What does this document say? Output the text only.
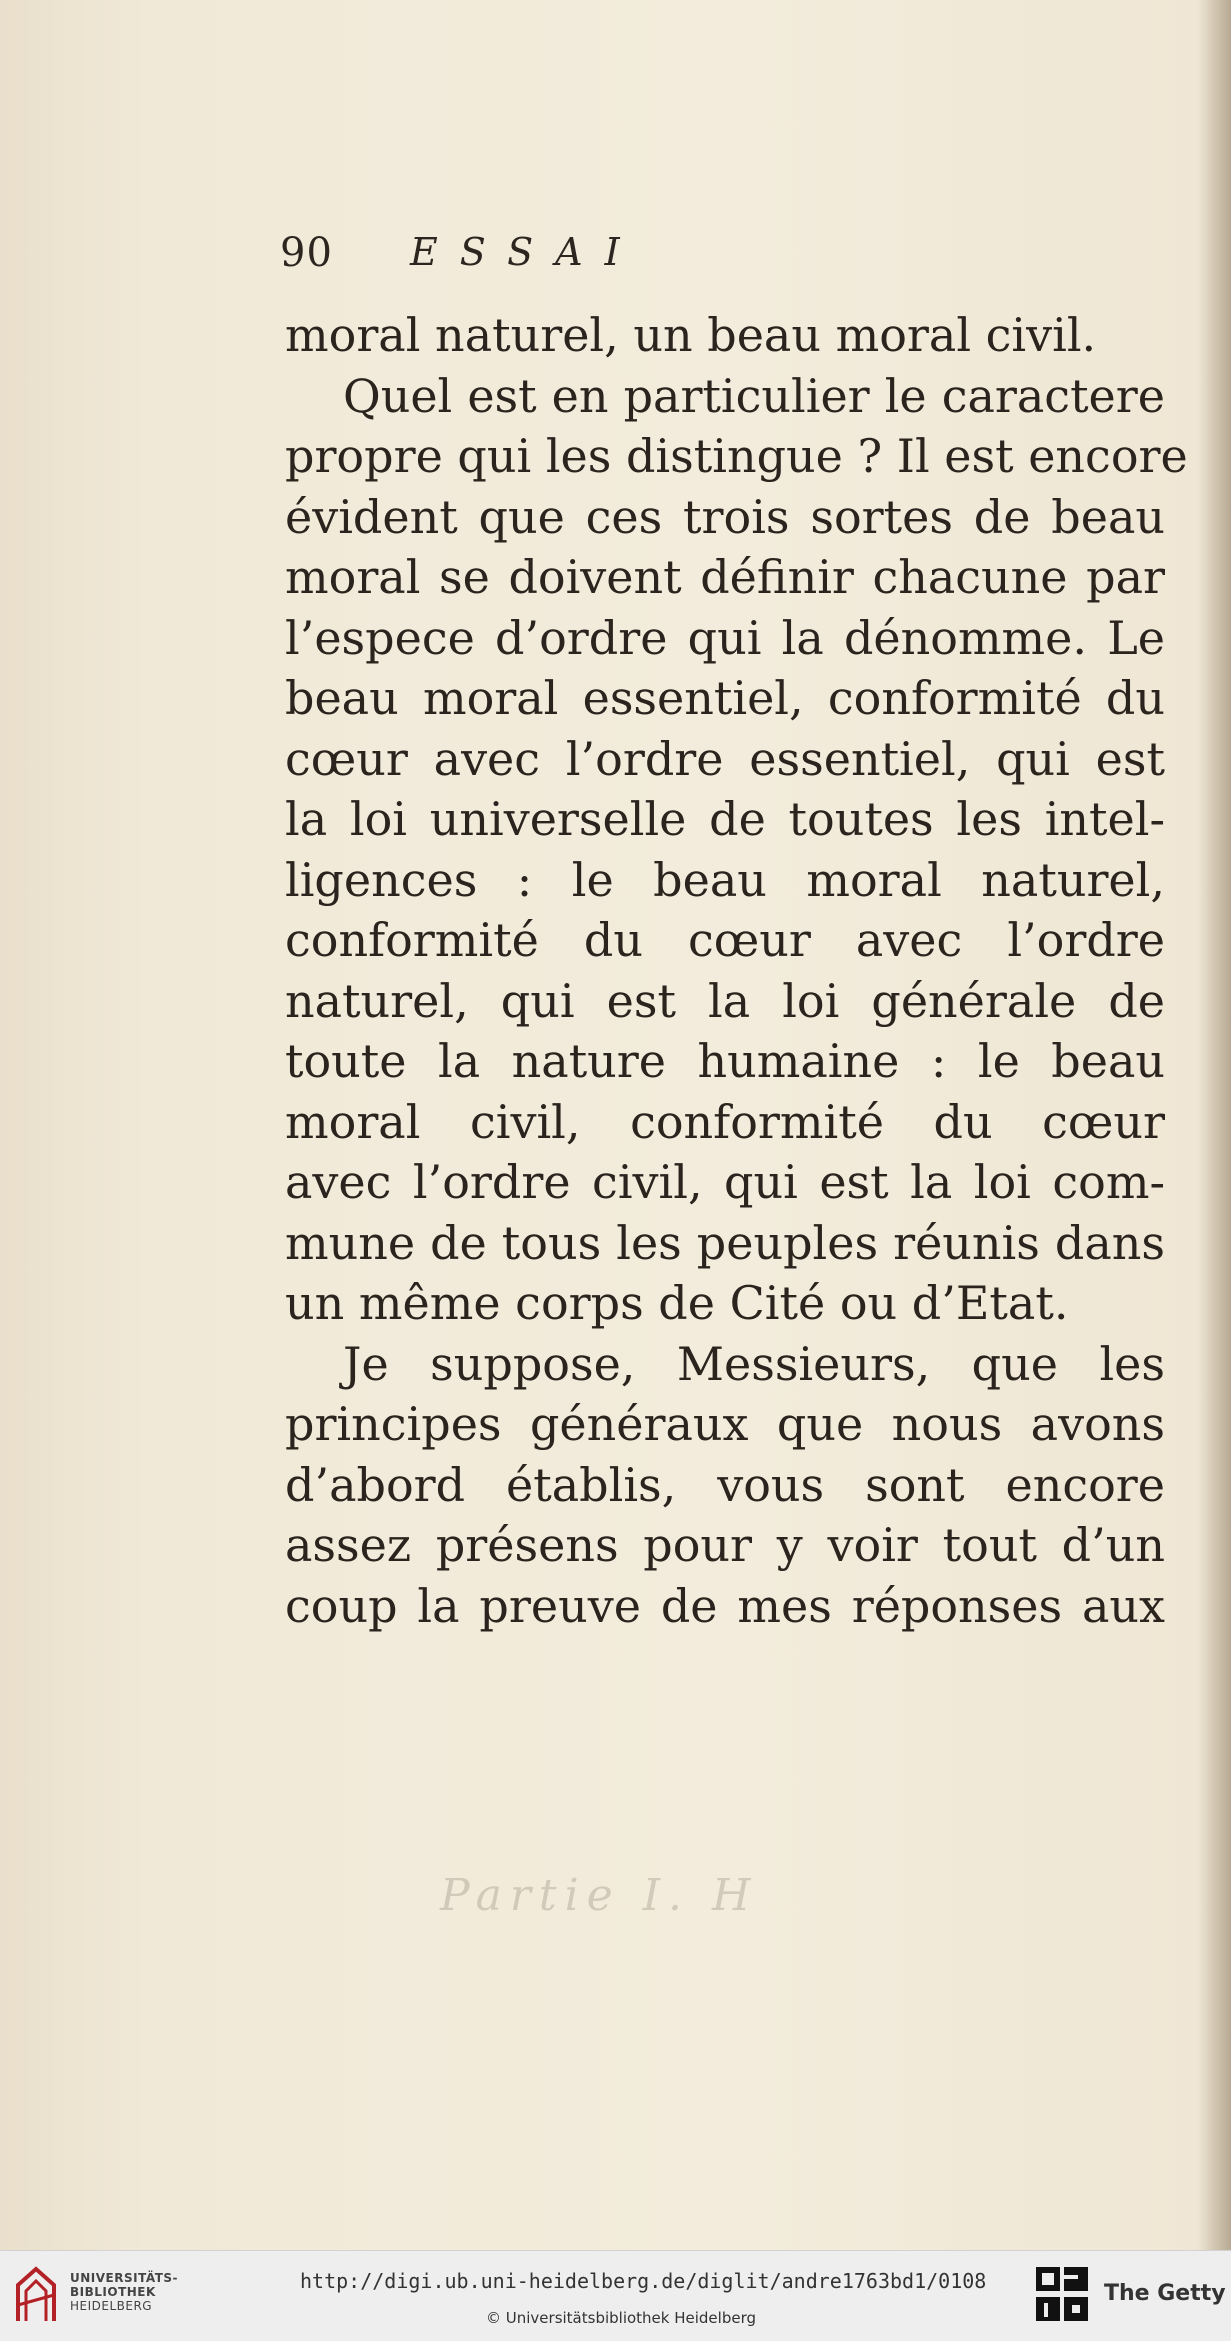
90 ESSAI
moral naturel, un beau moral civil.
Quel est en particulier le caractere
propre qui les distingue ? Il est encore
évident que ces trois sortes de beau
moral se doivent définir chacune par
l’espece d’ordre qui la dénomme. Le
beau moral essentiel, conformité du
cœur avec l’ordre essentiel, qui est
la loi universelle de toutes les intel-
ligences : le beau moral naturel,
conformité du cœur avec l’ordre
naturel, qui est la loi générale de
toute la nature humaine : le beau
moral civil, conformité du cœur
avec l’ordre civil, qui est la loi com-
mune de tous les peuples réunis dans
un même corps de Cité ou d’Etat.
Je suppose, Messieurs, que les
principes généraux que nous avons
d’abord établis, vous sont encore
assez présens pour y voir tout d’un
coup la preuve de mes réponses aux
Partie I. H
UNIVERSITÄTS-
BIBLIOTHEK
HEIDELBERG
http://digi.ub.uni-heidelberg.de/diglit/andre1763bd1/0108
© Universitätsbibliothek Heidelberg
The Getty
